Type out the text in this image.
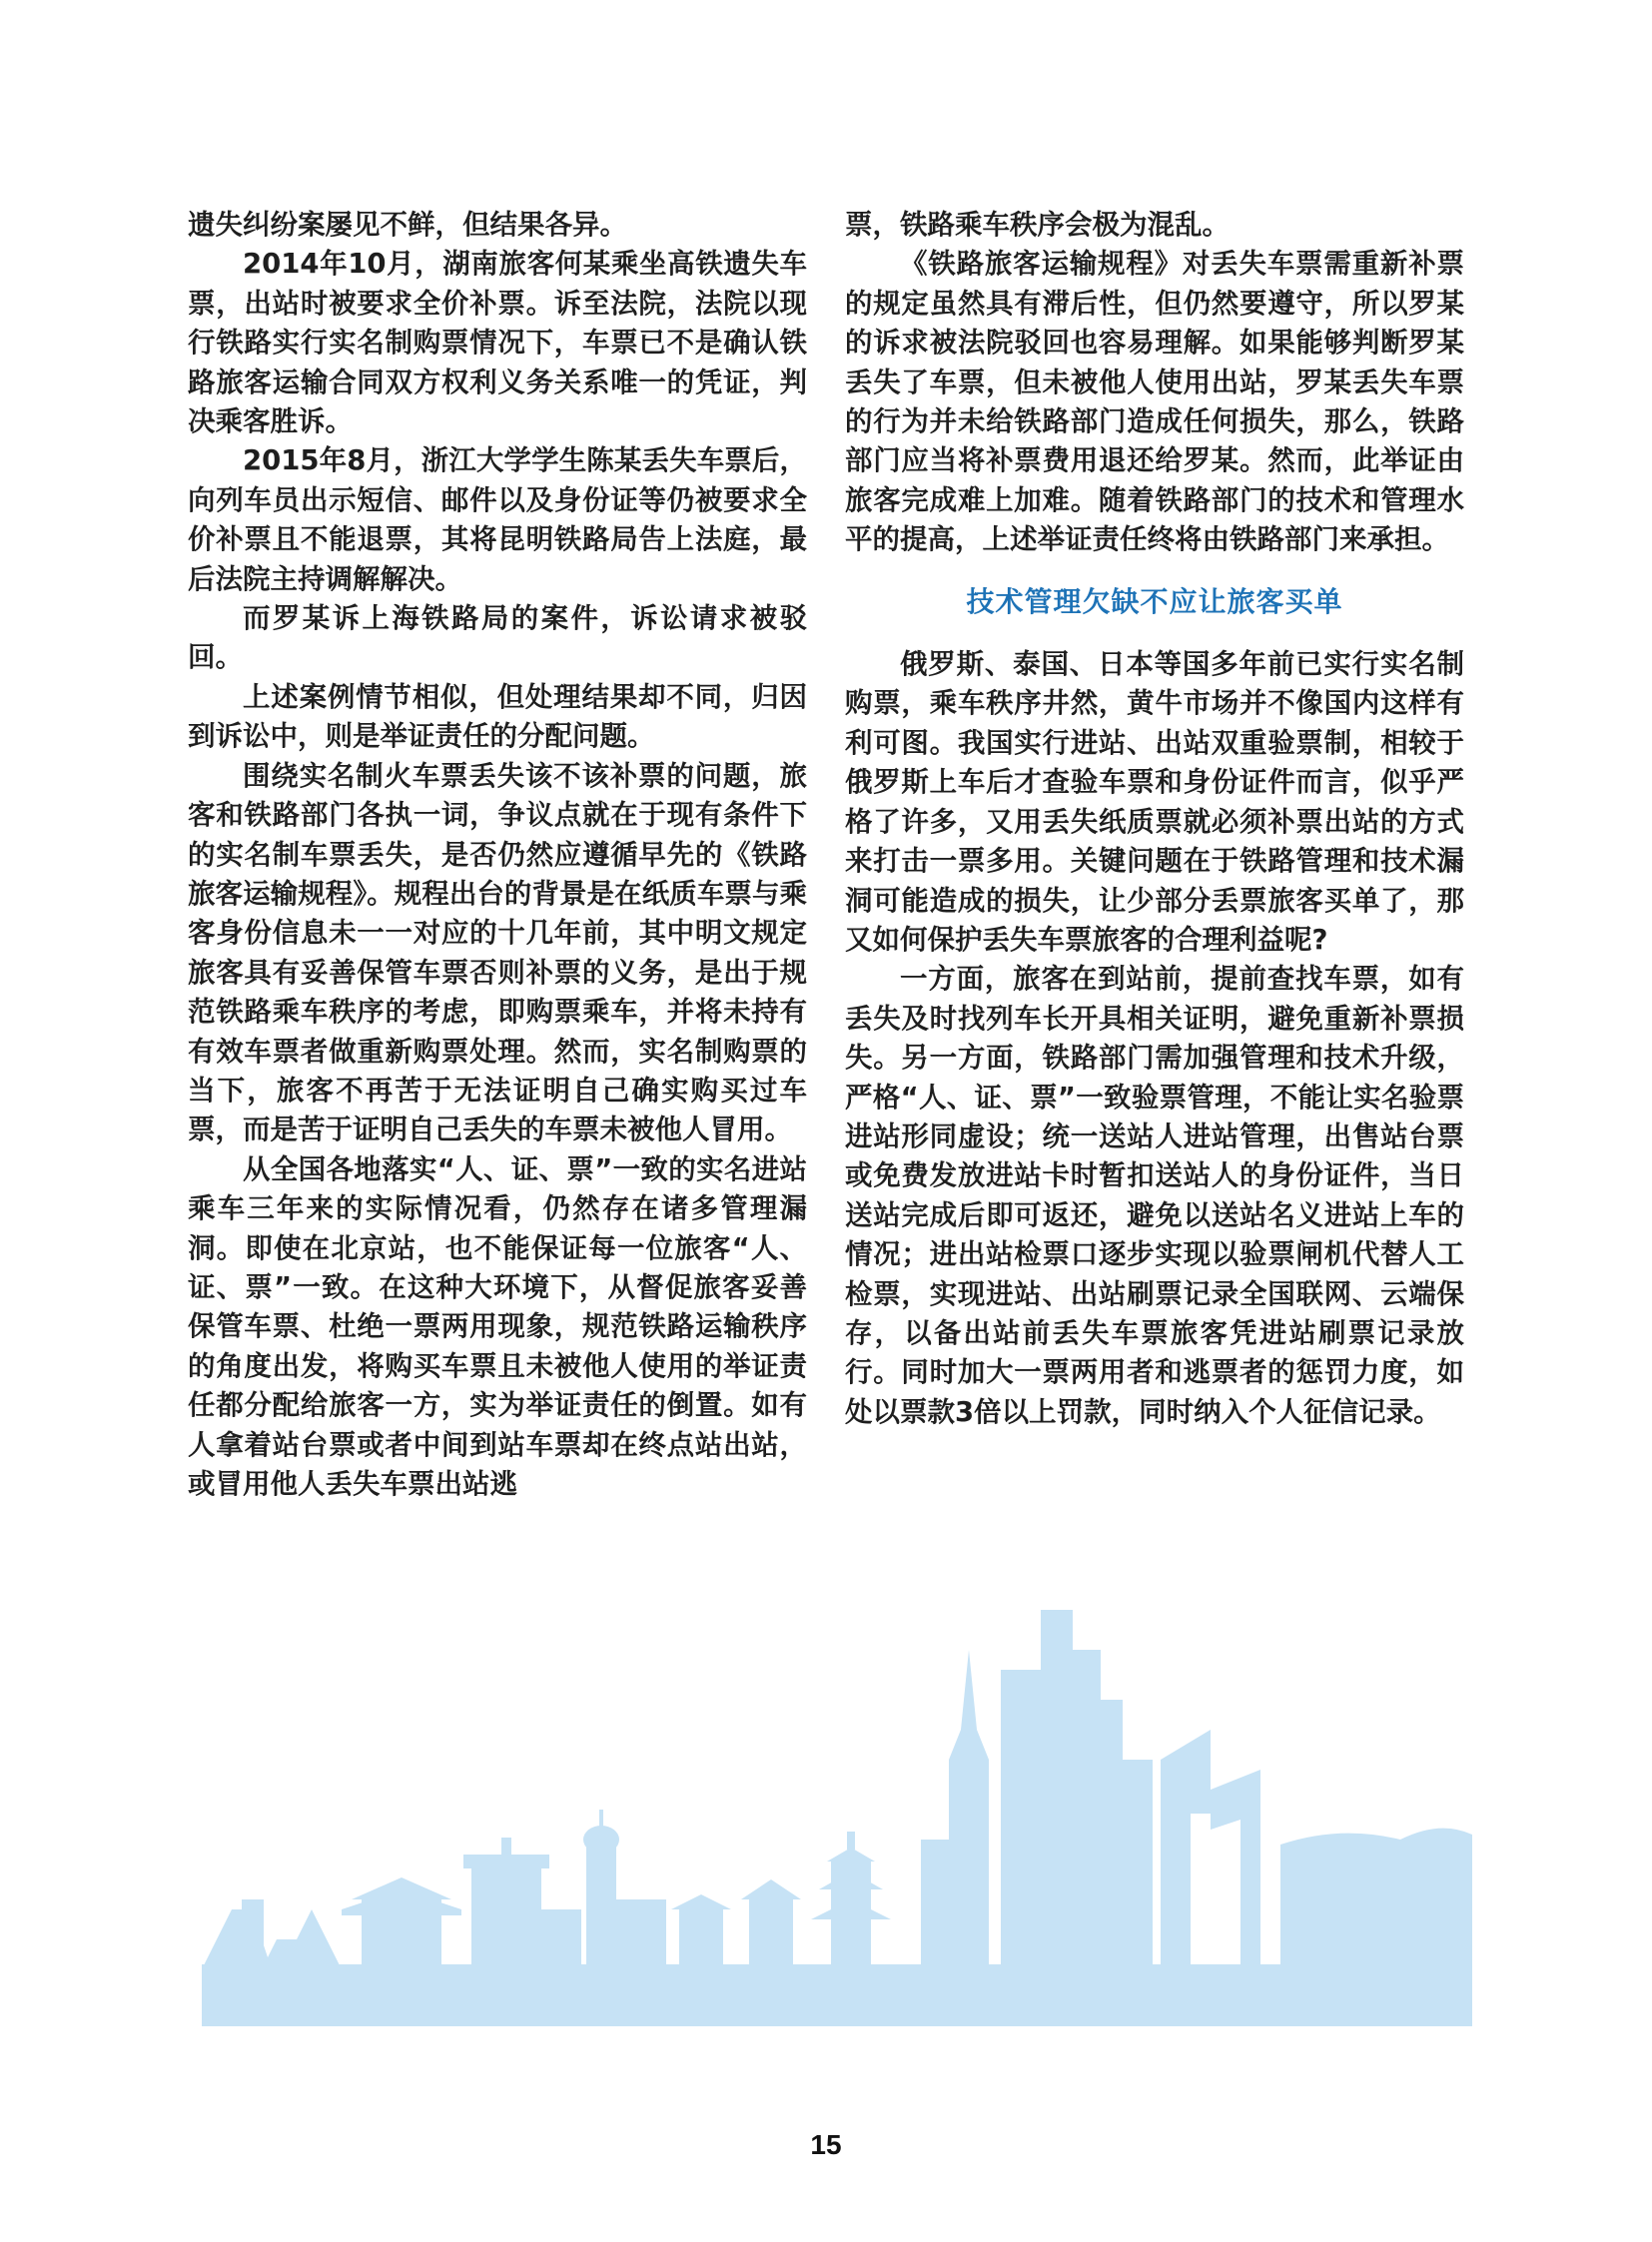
遗失纠纷案屡见不鲜，但结果各异。

2014年10月，湖南旅客何某乘坐高铁遗失车票，出站时被要求全价补票。诉至法院，法院以现行铁路实行实名制购票情况下，车票已不是确认铁路旅客运输合同双方权利义务关系唯一的凭证，判决乘客胜诉。

2015年8月，浙江大学学生陈某丢失车票后，向列车员出示短信、邮件以及身份证等仍被要求全价补票且不能退票，其将昆明铁路局告上法庭，最后法院主持调解解决。

而罗某诉上海铁路局的案件，诉讼请求被驳回。

上述案例情节相似，但处理结果却不同，归因到诉讼中，则是举证责任的分配问题。

围绕实名制火车票丢失该不该补票的问题，旅客和铁路部门各执一词，争议点就在于现有条件下的实名制车票丢失，是否仍然应遵循早先的《铁路旅客运输规程》。规程出台的背景是在纸质车票与乘客身份信息未一一对应的十几年前，其中明文规定旅客具有妥善保管车票否则补票的义务，是出于规范铁路乘车秩序的考虑，即购票乘车，并将未持有有效车票者做重新购票处理。然而，实名制购票的当下，旅客不再苦于无法证明自己确实购买过车票，而是苦于证明自己丢失的车票未被他人冒用。

从全国各地落实“人、证、票”一致的实名进站乘车三年来的实际情况看，仍然存在诸多管理漏洞。即使在北京站，也不能保证每一位旅客“人、证、票”一致。在这种大环境下，从督促旅客妥善保管车票、杜绝一票两用现象，规范铁路运输秩序的角度出发，将购买车票且未被他人使用的举证责任都分配给旅客一方，实为举证责任的倒置。如有人拿着站台票或者中间到站车票却在终点站出站，或冒用他人丢失车票出站逃

票，铁路乘车秩序会极为混乱。

《铁路旅客运输规程》对丢失车票需重新补票的规定虽然具有滞后性，但仍然要遵守，所以罗某的诉求被法院驳回也容易理解。如果能够判断罗某丢失了车票，但未被他人使用出站，罗某丢失车票的行为并未给铁路部门造成任何损失，那么，铁路部门应当将补票费用退还给罗某。然而，此举证由旅客完成难上加难。随着铁路部门的技术和管理水平的提高，上述举证责任终将由铁路部门来承担。

技术管理欠缺不应让旅客买单

俄罗斯、泰国、日本等国多年前已实行实名制购票，乘车秩序井然，黄牛市场并不像国内这样有利可图。我国实行进站、出站双重验票制，相较于俄罗斯上车后才查验车票和身份证件而言，似乎严格了许多，又用丢失纸质票就必须补票出站的方式来打击一票多用。关键问题在于铁路管理和技术漏洞可能造成的损失，让少部分丢票旅客买单了，那又如何保护丢失车票旅客的合理利益呢?

一方面，旅客在到站前，提前查找车票，如有丢失及时找列车长开具相关证明，避免重新补票损失。另一方面，铁路部门需加强管理和技术升级，严格“人、证、票”一致验票管理，不能让实名验票进站形同虚设；统一送站人进站管理，出售站台票或免费发放进站卡时暂扣送站人的身份证件，当日送站完成后即可返还，避免以送站名义进站上车的情况；进出站检票口逐步实现以验票闸机代替人工检票，实现进站、出站刷票记录全国联网、云端保存，以备出站前丢失车票旅客凭进站刷票记录放行。同时加大一票两用者和逃票者的惩罚力度，如处以票款3倍以上罚款，同时纳入个人征信记录。

15
